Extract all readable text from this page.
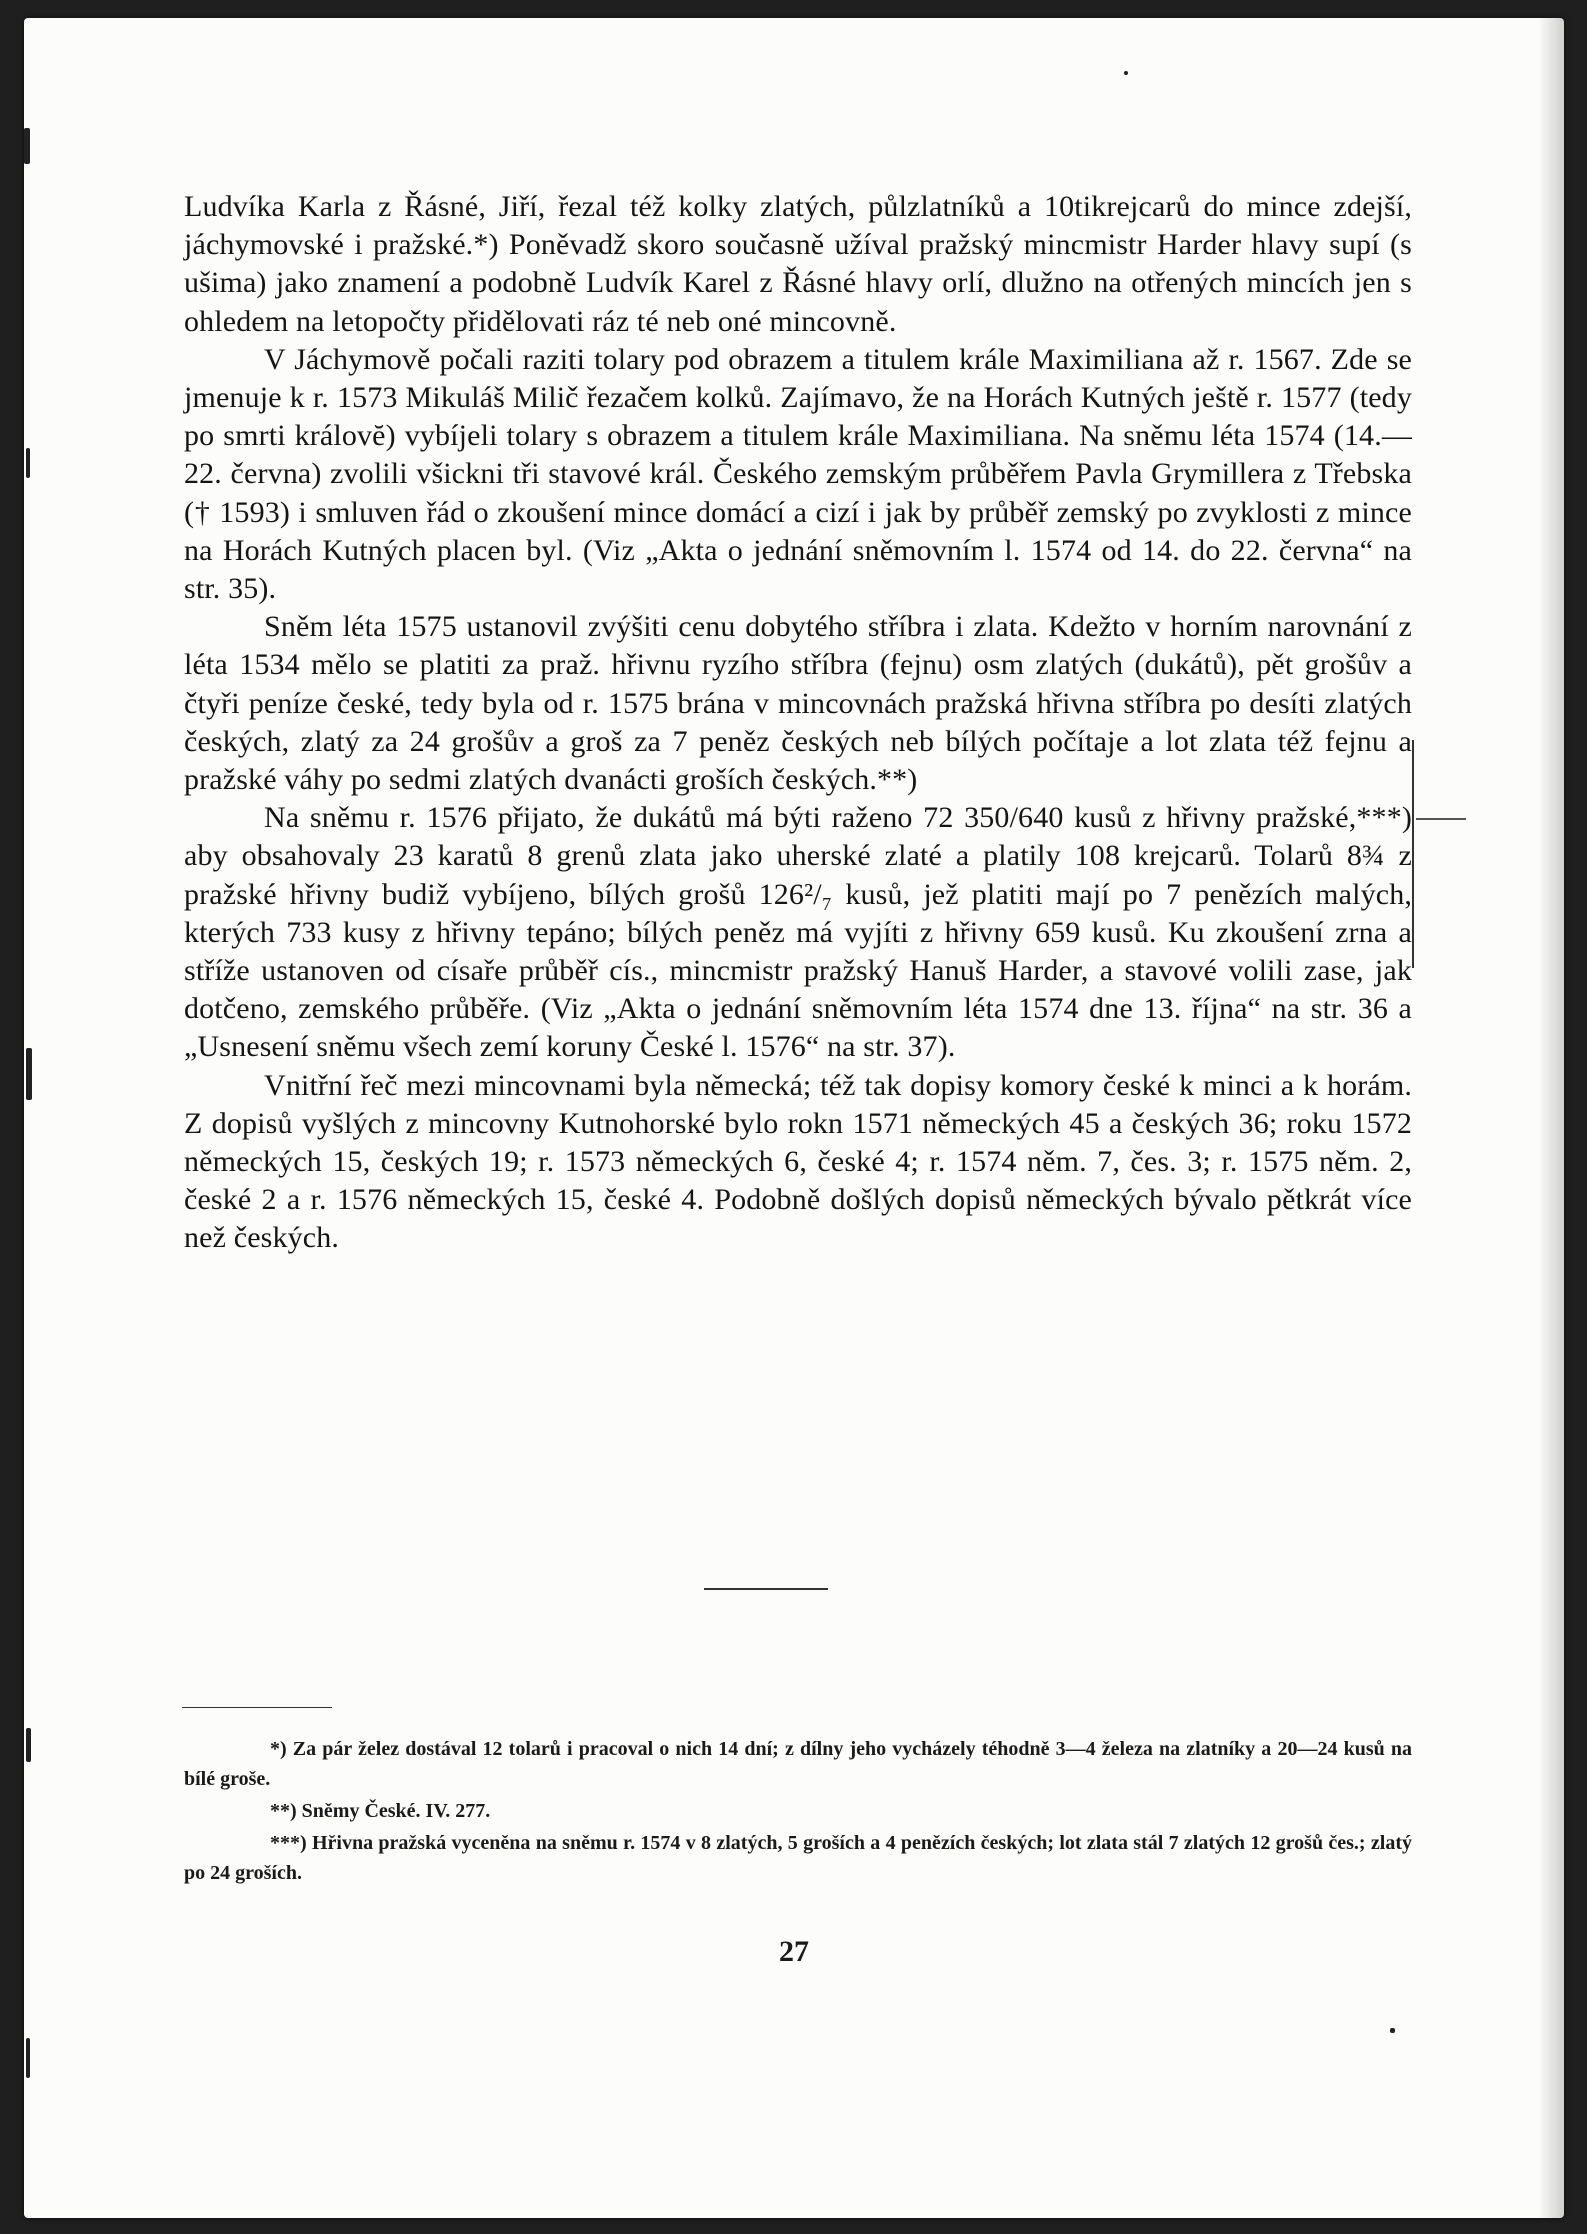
Ludvíka Karla z Řásné, Jiří, řezal též kolky zlatých, půlzlatníků a 10tikrejcarů do mince zdejší, jáchymovské i pražské.*) Poněvadž skoro současně užíval pražský mincmistr Harder hlavy supí (s ušima) jako znamení a podobně Ludvík Karel z Řásné hlavy orlí, dlužno na otřených mincích jen s ohledem na letopočty přidělovati ráz té neb oné mincovně.

V Jáchymově počali raziti tolary pod obrazem a titulem krále Maximiliana až r. 1567. Zde se jmenuje k r. 1573 Mikuláš Milič řezačem kolků. Zajímavo, že na Horách Kutných ještě r. 1577 (tedy po smrti královĕ) vybíjeli tolary s obrazem a titulem krále Maximiliana. Na sněmu léta 1574 (14.—22. června) zvolili všickni tři stavové král. Českého zemským průběřem Pavla Grymillera z Třebska († 1593) i smluven řád o zkoušení mince domácí a cizí i jak by průběř zemský po zvyklosti z mince na Horách Kutných placen byl. (Viz „Akta o jednání sněmovním l. 1574 od 14. do 22. června“ na str. 35).

Sněm léta 1575 ustanovil zvýšiti cenu dobytého stříbra i zlata. Kdežto v horním narovnání z léta 1534 mělo se platiti za praž. hřivnu ryzího stříbra (fejnu) osm zlatých (dukátů), pět grošův a čtyři peníze české, tedy byla od r. 1575 brána v mincovnách pražská hřivna stříbra po desíti zlatých českých, zlatý za 24 grošův a groš za 7 peněz českých neb bílých počítaje a lot zlata též fejnu a pražské váhy po sedmi zlatých dvanácti groších českých.**)

Na sněmu r. 1576 přijato, že dukátů má býti raženo 72 350/640 kusů z hřivny pražské,***) aby obsahovaly 23 karatů 8 grenů zlata jako uherské zlaté a platily 108 krejcarů. Tolarů 8¾ z pražské hřivny budiž vybíjeno, bílých grošů 126²/₇ kusů, jež platiti mají po 7 penězích malých, kterých 733 kusy z hřivny tepáno; bílých peněz má vyjíti z hřivny 659 kusů. Ku zkoušení zrna a stříže ustanoven od císaře průběř cís., mincmistr pražský Hanuš Harder, a stavové volili zase, jak dotčeno, zemského průběře. (Viz „Akta o jednání sněmovním léta 1574 dne 13. října“ na str. 36 a „Usnesení sněmu všech zemí koruny České l. 1576“ na str. 37).

Vnitřní řeč mezi mincovnami byla německá; též tak dopisy komory české k minci a k horám. Z dopisů vyšlých z mincovny Kutnohorské bylo rokn 1571 německých 45 a českých 36; roku 1572 německých 15, českých 19; r. 1573 německých 6, české 4; r. 1574 něm. 7, čes. 3; r. 1575 něm. 2, české 2 a r. 1576 německých 15, české 4. Podobně došlých dopisů německých bývalo pětkrát více než českých.

*) Za pár želez dostával 12 tolarů i pracoval o nich 14 dní; z dílny jeho vycházely téhodně 3—4 železa na zlatníky a 20—24 kusů na bílé groše.

**) Sněmy České. IV. 277.

***) Hřivna pražská vyceněna na sněmu r. 1574 v 8 zlatých, 5 groších a 4 penězích českých; lot zlata stál 7 zlatých 12 grošů čes.; zlatý po 24 groších.

27
